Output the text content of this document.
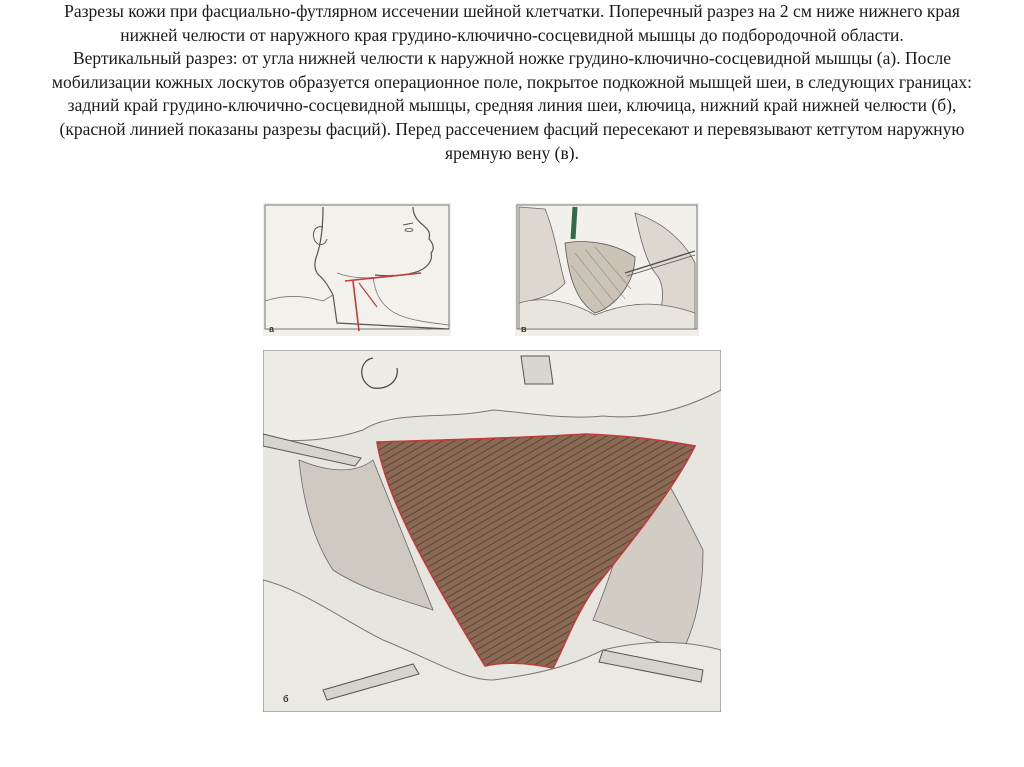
Разрезы кожи при фасциально-футлярном иссечении шейной клетчатки. Поперечный разрез на 2 см ниже нижнего края нижней челюсти от наружного края грудино-ключично-сосцевидной мышцы до подбородочной области.

Вертикальный разрез: от угла нижней челюсти к наружной ножке грудино-ключично-сосцевидной мышцы (а). После мобилизации кожных лоскутов образуется операционное поле, покрытое подкожной мышцей шеи, в следующих границах: задний край грудино-ключично-сосцевидной мышцы, средняя линия шеи, ключица, нижний край нижней челюсти (б), (красной линией показаны разрезы фасций). Перед рассечением фасций пересекают и перевязывают кетгутом наружную яремную вену (в).

а	в
б
